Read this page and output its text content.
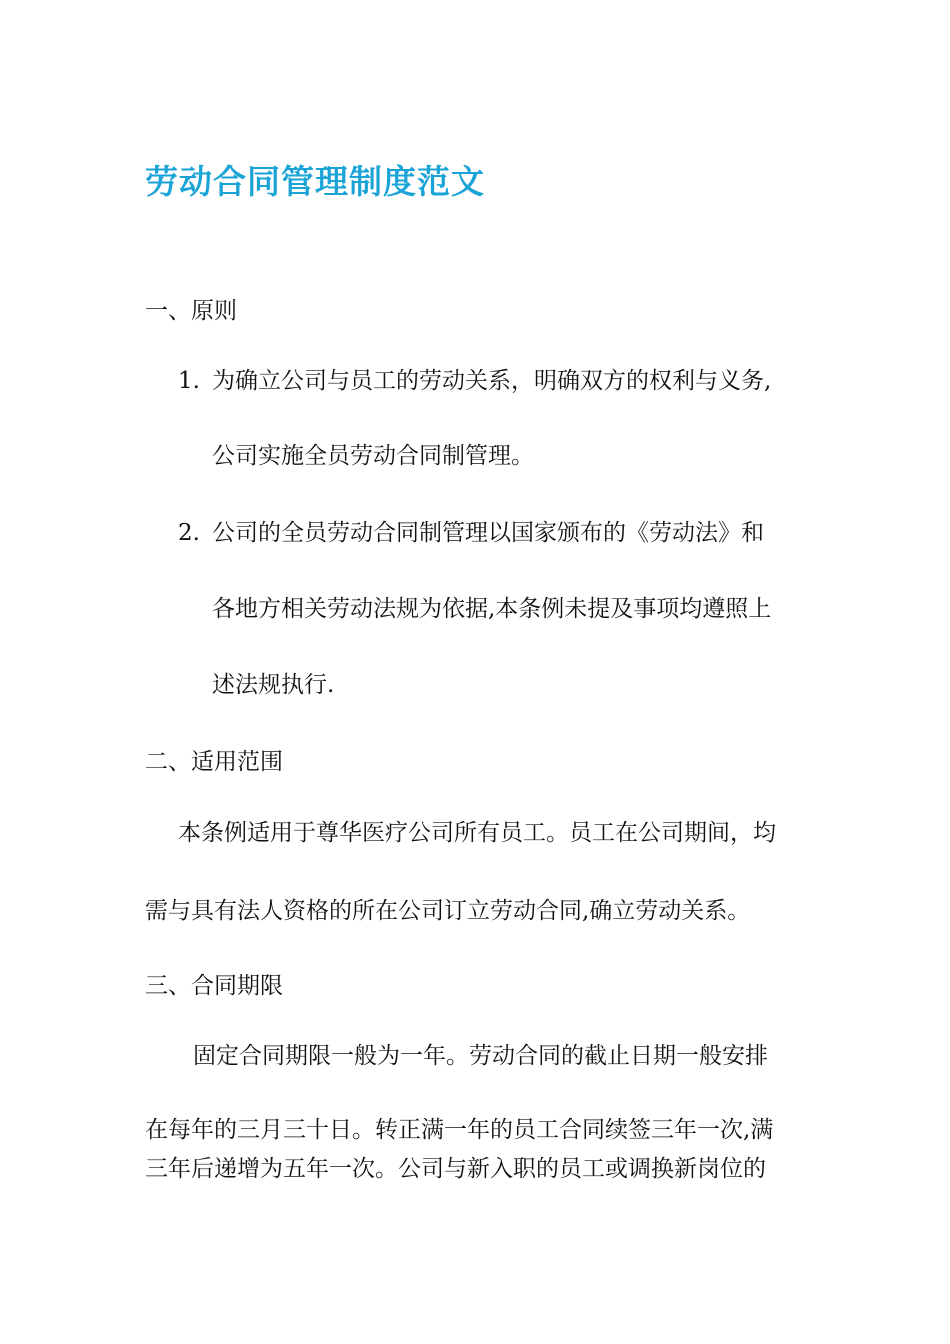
劳动合同管理制度范文
一、原则
1. 为确立公司与员工的劳动关系，明确双方的权利与义务,
公司实施全员劳动合同制管理。
2. 公司的全员劳动合同制管理以国家颁布的《劳动法》和
各地方相关劳动法规为依据,本条例未提及事项均遵照上
述法规执行.
二、适用范围
本条例适用于尊华医疗公司所有员工。员工在公司期间，均
需与具有法人资格的所在公司订立劳动合同,确立劳动关系。
三、合同期限
固定合同期限一般为一年。劳动合同的截止日期一般安排
在每年的三月三十日。转正满一年的员工合同续签三年一次,满
三年后递增为五年一次。公司与新入职的员工或调换新岗位的
